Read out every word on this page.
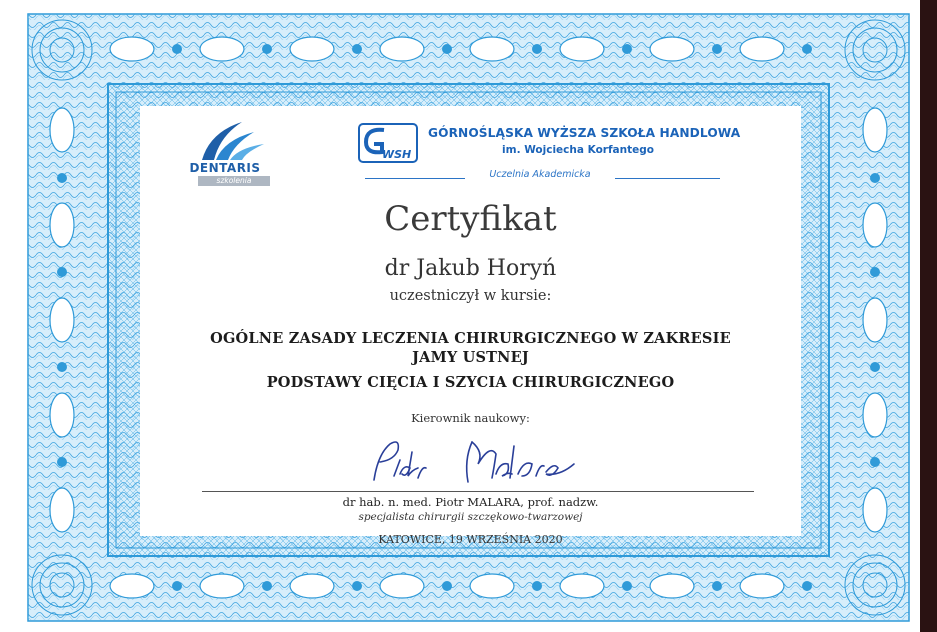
DENTARIS
szkolenia
WSH
GÓRNOŚLĄSKA WYŻSZA SZKOŁA HANDLOWA
im. Wojciecha Korfantego
Uczelnia Akademicka
Certyfikat
dr Jakub Horyń
uczestniczył w kursie:
OGÓLNE ZASADY LECZENIA CHIRURGICZNEGO W ZAKRESIE
JAMY USTNEJ
PODSTAWY CIĘCIA I SZYCIA CHIRURGICZNEGO
Kierownik naukowy:
dr hab. n. med. Piotr MALARA, prof. nadzw.
specjalista chirurgii szczękowo-twarzowej
KATOWICE, 19 WRZEŚNIA 2020
